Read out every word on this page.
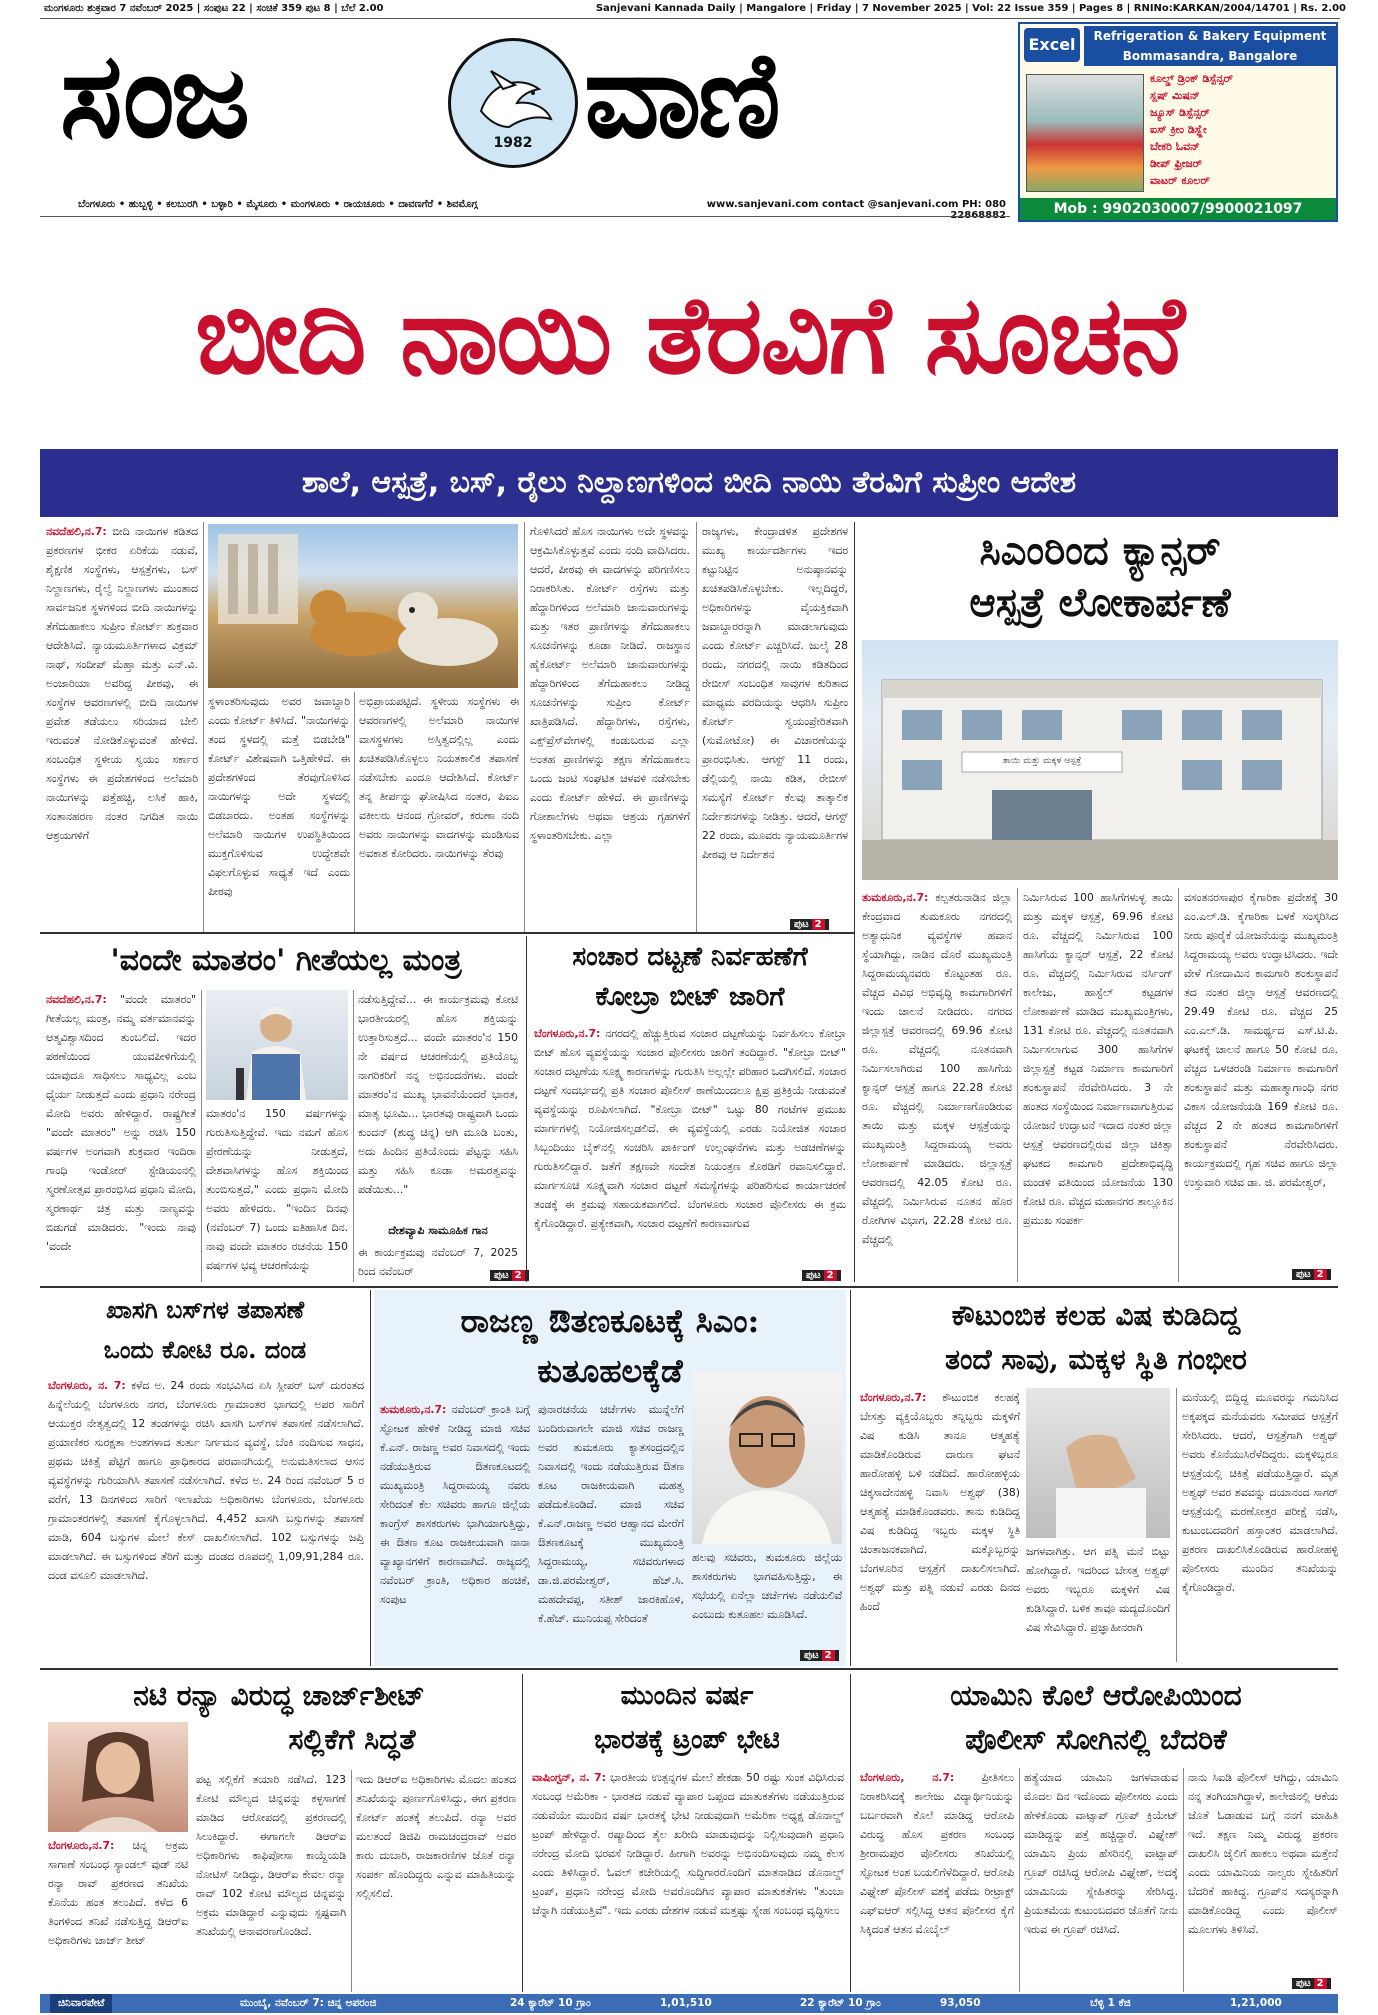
ಮಂಗಳೂರು ಶುಕ್ರವಾರ 7 ನವೆಂಬರ್ 2025 | ಸಂಪುಟ 22 | ಸಂಚಿಕೆ 359 ಪುಟ 8 | ಬೆಲೆ 2.00	Sanjevani Kannada Daily | Mangalore | Friday | 7 November 2025 | Vol: 22 Issue 359 | Pages 8 | RNINo:KARKAN/2004/14701 | Rs. 2.00
ಸಂಜ	1982 ವಾಣಿ
ಬೆಂಗಳೂರು • ಹುಬ್ಬಳ್ಳಿ • ಕಲಬುರಗಿ • ಬಳ್ಳಾರಿ • ಮೈಸೂರು • ಮಂಗಳೂರು • ರಾಯಚೂರು • ದಾವಣಗೆರೆ • ಶಿವಮೊಗ್ಗ	www.sanjevani.com contact @sanjevani.com PH: 080
Excel	Refrigeration & Bakery Equipment
Bommasandra, Bangalore
ಕೂಲ್ಡ್ ಡ್ರಿಂಕ್ ಡಿಸ್ಪೆನ್ಸರ್
ಸ್ಲಷ್ ಮಿಷನ್
ಜ್ಯೂಸ್ ಡಿಸ್ಪೆನ್ಸರ್
ಐಸ್ ಕ್ರೀಂ ಡಿಸ್ಪ್ಲೇ
ಬೇಕರಿ ಓವನ್
ಡೀಪ್ ಫ್ರೀಜರ್
ವಾಟರ್ ಕೂಲರ್
Mob : 9902030007/9900021097
ಬೀದಿ ನಾಯಿ ತೆರವಿಗೆ ಸೂಚನೆ
ಶಾಲೆ, ಆಸ್ಪತ್ರೆ, ಬಸ್, ರೈಲು ನಿಲ್ದಾಣಗಳಿಂದ ಬೀದಿ ನಾಯಿ ತೆರವಿಗೆ ಸುಪ್ರೀಂ ಆದೇಶ
ನವದೆಹಲಿ,ನ.7: ಬೀದಿ ನಾಯಿಗಳ ಕಡಿತದ ಪ್ರಕರಣಗಳ ಭೀಕರ ಏರಿಕೆಯ ನಡುವೆ, ಶೈಕ್ಷಣಿಕ ಸಂಸ್ಥೆಗಳು, ಆಸ್ಪತ್ರೆಗಳು, ಬಸ್ ನಿಲ್ದಾಣಗಳು, ರೈಲ್ವೆ ನಿಲ್ದಾಣಗಳು ಮುಂತಾದ ಸಾರ್ವಜನಿಕ ಸ್ಥಳಗಳಿಂದ ಬೀದಿ ನಾಯಿಗಳನ್ನು ತೆಗೆದುಹಾಕಲು ಸುಪ್ರೀಂ ಕೋರ್ಟ್ ಶುಕ್ರವಾರ ಆದೇಶಿಸಿದೆ. ನ್ಯಾಯಮೂರ್ತಿಗಳಾದ ವಿಕ್ರಮ್ ನಾಥ್, ಸಂದೀಪ್ ಮೆಹ್ತಾ ಮತ್ತು ಎನ್.ವಿ. ಅಂಜಾರಿಯಾ ಅವರಿದ್ದ ಪೀಠವು, ಈ ಸಂಸ್ಥೆಗಳ ಆವರಣಗಳಲ್ಲಿ ಬೀದಿ ನಾಯಿಗಳ ಪ್ರವೇಶ ತಡೆಯಲು ಸರಿಯಾದ ಬೇಲಿ ಇರುವಂತೆ ನೋಡಿಕೊಳ್ಳುವಂತೆ ಹೇಳಿದೆ. ಸಂಬಂಧಿತ ಸ್ಥಳೀಯ ಸ್ವಯಂ ಸರ್ಕಾರ ಸಂಸ್ಥೆಗಳು ಈ ಪ್ರದೇಶಗಳಿಂದ ಅಲೆಮಾರಿ ನಾಯಿಗಳನ್ನು ಪತ್ತೆಹಚ್ಚಿ, ಲಸಿಕೆ ಹಾಕಿ, ಸಂತಾನಹರಣ ನಂತರ ನಿಗದಿತ ನಾಯಿ ಆಶ್ರಯಗಳಿಗೆ
ಸ್ಥಳಾಂತರಿಸುವುದು ಅವರ ಜವಾಬ್ದಾರಿ ಎಂದು ಕೋರ್ಟ್ ತಿಳಿಸಿದೆ. "ನಾಯಿಗಳನ್ನು ತಂದ ಸ್ಥಳದಲ್ಲಿ ಮತ್ತೆ ಬಿಡಬೇಡಿ" ಕೋರ್ಟ್ ವಿಶೇಷವಾಗಿ ಒತ್ತಿಹೇಳಿದೆ. ಈ ಪ್ರದೇಶಗಳಿಂದ ತೆರವುಗೊಳಿಸಿದ ನಾಯಿಗಳನ್ನು ಅದೇ ಸ್ಥಳದಲ್ಲಿ ಬಿಡಬಾರದು. ಅಂತಹ ಸಂಸ್ಥೆಗಳನ್ನು ಅಲೆಮಾರಿ ನಾಯಿಗಳ ಉಪಸ್ಥಿತಿಯಿಂದ ಮುಕ್ತಗೊಳಿಸುವ ಉದ್ದೇಶವೇ ವಿಫಲಗೊಳ್ಳುವ ಸಾಧ್ಯತೆ ಇದೆ ಎಂದು ಪೀಠವು
ಅಭಿಪ್ರಾಯಪಟ್ಟಿದೆ. ಸ್ಥಳೀಯ ಸಂಸ್ಥೆಗಳು ಈ ಆವರಣಗಳಲ್ಲಿ ಅಲೆಮಾರಿ ನಾಯಿಗಳ ವಾಸಸ್ಥಳಗಳು ಅಸ್ತಿತ್ವದಲ್ಲಿಲ್ಲ ಎಂದು ಖಚಿತಪಡಿಸಿಕೊಳ್ಳಲು ನಿಯತಕಾಲಿಕ ತಪಾಸಣೆ ನಡೆಸಬೇಕು ಎಂದೂ ಆದೇಶಿಸಿದೆ. ಕೋರ್ಟ್ ತನ್ನ ತೀರ್ಪನ್ನು ಘೋಷಿಸಿದ ನಂತರ, ಪಿಐಎ ವಕೀಲರು ಆನಂದ ಗ್ರೋವರ್, ಕರುಣಾ ನಂದಿ ಅವರು ನಾಯಿಗಳನ್ನು ವಾದಗಳನ್ನು ಮಂಡಿಸುವ ಅವಕಾಶ ಕೋರಿದರು. ನಾಯಿಗಳನ್ನು ತೆರವು
ಗೊಳಿಸಿದರೆ ಹೊಸ ನಾಯಿಗಳು ಅದೇ ಸ್ಥಳವನ್ನು ಆಕ್ರಮಿಸಿಕೊಳ್ಳುತ್ತವೆ ಎಂದು ನಂದಿ ವಾದಿಸಿದರು. ಆದರೆ, ಪೀಠವು ಈ ವಾದಗಳನ್ನು ಪರಿಗಣಿಸಲು ನಿರಾಕರಿಸಿತು. ಕೋರ್ಟ್ ರಸ್ತೆಗಳು ಮತ್ತು ಹೆದ್ದಾರಿಗಳಿಂದ ಅಲೆಮಾರಿ ಜಾನುವಾರುಗಳನ್ನು ಮತ್ತು ಇತರ ಪ್ರಾಣಿಗಳನ್ನು ತೆಗೆದುಹಾಕಲು ಸೂಚನೆಗಳನ್ನು ಕೂಡಾ ನೀಡಿದೆ. ರಾಜಸ್ಥಾನ ಹೈಕೋರ್ಟ್ ಅಲೆಮಾರಿ ಜಾನುವಾರುಗಳನ್ನು ಹೆದ್ದಾರಿಗಳಿಂದ ತೆಗೆದುಹಾಕಲು ನೀಡಿದ್ದ ಸೂಚನೆಗಳನ್ನು ಸುಪ್ರೀಂ ಕೋರ್ಟ್ ಖಾತ್ರಿಪಡಿಸಿದೆ. ಹೆದ್ದಾರಿಗಳು, ರಸ್ತೆಗಳು, ಎಕ್ಸ್‌ಪ್ರೆಸ್‌ವೇಗಳಲ್ಲಿ ಕಂಡುಬರುವ ಎಲ್ಲಾ ಅಂತಹ ಪ್ರಾಣಿಗಳನ್ನು ತಕ್ಷಣ ತೆಗೆದುಹಾಕಲು ಒಂದು ಜಂಟಿ ಸಂಘಟಿತ ಚಳವಳಿ ನಡೆಸಬೇಕು ಎಂದು ಕೋರ್ಟ್ ಹೇಳಿದೆ. ಈ ಪ್ರಾಣಿಗಳನ್ನು ಗೋಶಾಲೆಗಳು ಅಥವಾ ಆಶ್ರಯ ಗೃಹಗಳಿಗೆ ಸ್ಥಳಾಂತರಿಸಬೇಕು. ಎಲ್ಲಾ
ರಾಜ್ಯಗಳು, ಕೇಂದ್ರಾಡಳಿತ ಪ್ರದೇಶಗಳ ಮುಖ್ಯ ಕಾರ್ಯದರ್ಶಿಗಳು ಇದರ ಕಟ್ಟುನಿಟ್ಟಿನ ಅನುಷ್ಠಾನವನ್ನು ಖಚಿತಪಡಿಸಿಕೊಳ್ಳಬೇಕು. ಇಲ್ಲದಿದ್ದರೆ, ಅಧಿಕಾರಿಗಳನ್ನು ವೈಯಕ್ತಿಕವಾಗಿ ಜವಾಬ್ದಾರರನ್ನಾಗಿ ಮಾಡಲಾಗುವುದು ಎಂದು ಕೋರ್ಟ್ ಎಚ್ಚರಿಸಿದೆ. ಜುಲೈ 28 ರಂದು, ನಗರದಲ್ಲಿ ನಾಯಿ ಕಡಿತದಿಂದ ರೇಬೀಸ್ ಸಂಬಂಧಿತ ಸಾವುಗಳ ಕುರಿತಾದ ಮಾಧ್ಯಮ ವರದಿಯನ್ನು ಆಧರಿಸಿ ಸುಪ್ರೀಂ ಕೋರ್ಟ್ ಸ್ವಯಂಪ್ರೇರಿತವಾಗಿ (ಸುಮೋಟೋ) ಈ ವಿಚಾರಣೆಯನ್ನು ಪ್ರಾರಂಭಿಸಿತು. ಆಗಸ್ಟ್ 11 ರಂದು, ಡೆಲ್ಲಿಯಲ್ಲಿ ನಾಯಿ ಕಡಿತ, ರೇಬೀಸ್ ಸಮಸ್ಯೆಗೆ ಕೋರ್ಟ್ ಕೆಲವು ತಾತ್ಕಾಲಿಕ ನಿರ್ದೇಶನಗಳನ್ನು ನೀಡಿತ್ತು. ಆದರೆ, ಆಗಸ್ಟ್ 22 ರಂದು, ಮೂವರು ನ್ಯಾಯಮೂರ್ತಿಗಳ ಪೀಠವು ಆ ನಿರ್ದೇಶನ
ಪುಟ 2
ಸಿಎಂರಿಂದ ಕ್ಯಾನ್ಸರ್
ಆಸ್ಪತ್ರೆ ಲೋಕಾರ್ಪಣೆ
ತಾಯಿ ಮತ್ತು ಮಕ್ಕಳ ಆಸ್ಪತ್ರೆ
ತುಮಕೂರು,ನ.7: ಕಲ್ಪತರುನಾಡಿನ ಜಿಲ್ಲಾ ಕೇಂದ್ರವಾದ ತುಮಕೂರು ನಗರದಲ್ಲಿ ಅತ್ಯಾಧುನಿಕ ವ್ಯವಸ್ಥೆಗಳ ಹವಾನ ಸ್ಥೆಯಾಗಿದ್ದು, ನಾಡಿನ ದೊರೆ ಮುಖ್ಯಮಂತ್ರಿ ಸಿದ್ದರಾಮಯ್ಯನವರು ಕೊಟ್ಟಂತಹ ರೂ. ವೆಚ್ಚದ ವಿವಿಧ ಅಭಿವೃದ್ಧಿ ಕಾಮಗಾರಿಗಳಿಗೆ ಇಂದು ಚಾಲನೆ ನೀಡಿದರು. ನಗರದ ಜಿಲ್ಲಾಸ್ಪತ್ರೆ ಆವರಣದಲ್ಲಿ 69.96 ಕೋಟಿ ರೂ. ವೆಚ್ಚದಲ್ಲಿ ನೂತನವಾಗಿ ನಿರ್ಮಿಸಲಾಗಿರುವ 100 ಹಾಸಿಗೆಯ ಕ್ಯಾನ್ಸರ್ ಆಸ್ಪತ್ರೆ ಹಾಗೂ 22.28 ಕೋಟಿ ರೂ. ವೆಚ್ಚದಲ್ಲಿ ನಿರ್ಮಾಣಗೊಂಡಿರುವ ತಾಯಿ ಮತ್ತು ಮಕ್ಕಳ ಆಸ್ಪತ್ರೆಯನ್ನು ಮುಖ್ಯಮಂತ್ರಿ ಸಿದ್ದರಾಮಯ್ಯ ಅವರು ಲೋಕಾರ್ಪಣೆ ಮಾಡಿದರು. ಜಿಲ್ಲಾಸ್ಪತ್ರೆ ಆವರಣದಲ್ಲಿ 42.05 ಕೋಟಿ ರೂ. ವೆಚ್ಚದಲ್ಲಿ ನಿರ್ಮಿಸಿರುವ ನೂತನ ಹೊರ ರೋಗಿಗಳ ವಿಭಾಗ, 22.28 ಕೋಟಿ ರೂ. ವೆಚ್ಚದಲ್ಲಿ
ನಿರ್ಮಿಸಿರುವ 100 ಹಾಸಿಗೆಗಳುಳ್ಳ ತಾಯಿ ಮತ್ತು ಮಕ್ಕಳ ಆಸ್ಪತ್ರೆ, 69.96 ಕೋಟಿ ರೂ. ವೆಚ್ಚದಲ್ಲಿ ನಿರ್ಮಿಸಿರುವ 100 ಹಾಸಿಗೆಯ ಕ್ಯಾನ್ಸರ್ ಆಸ್ಪತ್ರೆ, 22 ಕೋಟಿ ರೂ. ವೆಚ್ಚದಲ್ಲಿ ನಿರ್ಮಿಸಿರುವ ನರ್ಸಿಂಗ್ ಕಾಲೇಜು, ಹಾಸ್ಟೆಲ್ ಕಟ್ಟಡಗಳ ಲೋಕಾರ್ಪಣೆ ಮಾಡಿದ ಮುಖ್ಯಮಂತ್ರಿಗಳು, 131 ಕೋಟಿ ರೂ. ವೆಚ್ಚದಲ್ಲಿ ನೂತನವಾಗಿ ನಿರ್ಮಿಸಲಾಗುವ 300 ಹಾಸಿಗೆಗಳ ಜಿಲ್ಲಾಸ್ಪತ್ರೆ ಕಟ್ಟಡ ನಿರ್ಮಾಣ ಕಾಮಗಾರಿಗೆ ಶಂಕುಸ್ಥಾಪನೆ ನೆರವೇರಿಸಿದರು. 3 ನೇ ಹಂತದ ಸಂಸ್ಥೆಯಿಂದ ನಿರ್ಮಾಣವಾಗುತ್ತಿರುವ ಯೋಜನೆ ಉದ್ಘಾಟನೆ ಇದಾದ ನಂತರ ಜಿಲ್ಲಾ ಆಸ್ಪತ್ರೆ ಆವರಣದಲ್ಲಿರುವ ಜಿಲ್ಲಾ ಚಿಕಿತ್ಸಾ ಘಟಕದ ಕಾಮಗಾರಿ ಪ್ರದೇಶಾಭಿವೃದ್ಧಿ ಮಂಡಳಿ ವತಿಯಿಂದ ಯೋಜನೆಯ 130 ಕೋಟಿ ರೂ. ವೆಚ್ಚದ ಮಹಾನಗರ ತಾಲ್ಲೂಕಿನ ಪ್ರಮುಖ ಸಂಪರ್ಕ
ವಸಂತನರಸಾಪುರ ಕೈಗಾರಿಕಾ ಪ್ರದೇಶಕ್ಕೆ 30 ಎಂ.ಎಲ್.ಡಿ. ಕೈಗಾರಿಕಾ ಬಳಕೆ ಸಂಸ್ಕರಿಸಿದ ನೀರು ಪೂರೈಕೆ ಯೋಜನೆಯನ್ನು ಮುಖ್ಯಮಂತ್ರಿ ಸಿದ್ದರಾಮಯ್ಯ ಅವರು ಉದ್ಘಾಟಿಸಿದರು. ಇದೇ ವೇಳೆ ಗೋದಾಮಿನ ಕಾಮಗಾರಿ ಶಂಕುಸ್ಥಾಪನೆ ತದ ನಂತರ ಜಿಲ್ಲಾ ಆಸ್ಪತ್ರೆ ಆವರಣದಲ್ಲಿ 29.49 ಕೋಟಿ ರೂ. ವೆಚ್ಚದ 25 ಎಂ.ಎಲ್.ಡಿ. ಸಾಮರ್ಥ್ಯದ ಎಸ್.ಟಿ.ಪಿ. ಘಟಕಕ್ಕೆ ಚಾಲನೆ ಹಾಗೂ 50 ಕೋಟಿ ರೂ. ವೆಚ್ಚದ ಒಳಚರಂಡಿ ನಿರ್ಮಾಣ ಕಾಮಗಾರಿಗೆ ಶಂಕುಸ್ಥಾಪನೆ ಮತ್ತು ಮಹಾತ್ಮಾಗಾಂಧಿ ನಗರ ವಿಕಾಸ ಯೋಜನೆಯಡಿ 169 ಕೋಟಿ ರೂ. ವೆಚ್ಚದ 2 ನೇ ಹಂತದ ಕಾಮಗಾರಿಗಳಿಗೆ ಶಂಕುಸ್ಥಾಪನೆ ನೆರವೇರಿಸಿದರು. ಕಾರ್ಯಕ್ರಮದಲ್ಲಿ ಗೃಹ ಸಚಿವ ಹಾಗೂ ಜಿಲ್ಲಾ ಉಸ್ತುವಾರಿ ಸಚಿವ ಡಾ. ಜಿ. ಪರಮೇಶ್ವರ್,
ಪುಟ 2
'ವಂದೇ ಮಾತರಂ' ಗೀತೆಯಲ್ಲ ಮಂತ್ರ
ನವದೆಹಲಿ,ನ.7: "ವಂದೇ ಮಾತರಂ" ಗೀತೆಯಲ್ಲ ಮಂತ್ರ, ನಮ್ಮ ವರ್ತಮಾನವನ್ನು ಆತ್ಮವಿಶ್ವಾಸದಿಂದ ತುಂಬಲಿದೆ. ಇದರ ಪಠಣೆಯಿಂದ ಯುವಪೀಳಿಗೆಯಲ್ಲಿ ಯಾವುದೂ ಸಾಧಿಸಲು ಸಾಧ್ಯವಿಲ್ಲ ಎಂಬ ಧೈರ್ಯ ನೀಡುತ್ತದೆ ಎಂದು ಪ್ರಧಾನಿ ನರೇಂದ್ರ ಮೋದಿ ಅವರು ಹೇಳಿದ್ದಾರೆ. ರಾಷ್ಟ್ರಗೀತೆ "ವಂದೇ ಮಾತರಂ" ಅನ್ನು ರಚಿಸಿ 150 ವರ್ಷಗಳ ಅಂಗವಾಗಿ ಶುಕ್ರವಾರ ಇಂದಿರಾ ಗಾಂಧಿ ಇಂಡೋರ್ ಸ್ಟೇಡಿಯಂನಲ್ಲಿ ಸ್ಮರಣೋತ್ಸವ ಪ್ರಾರಂಭಿಸಿದ ಪ್ರಧಾನಿ ಮೋದಿ, ಸ್ಮರಣಾರ್ಥ ಚಿತ್ರ ಮತ್ತು ನಾಣ್ಯವನ್ನು ಬಿಡುಗಡೆ ಮಾಡಿದರು. "ಇಂದು ನಾವು 'ವಂದೇ
ಮಾತರಂ'ನ 150 ವರ್ಷಗಳನ್ನು ಗುರುತಿಸುತ್ತಿದ್ದೇವೆ. ಇದು ನಮಗೆ ಹೊಸ ಪ್ರೇರಣೆಯನ್ನು ನೀಡುತ್ತದೆ, ದೇಶವಾಸಿಗಳನ್ನು ಹೊಸ ಶಕ್ತಿಯಿಂದ ತುಂಬಿಸುತ್ತದೆ," ಎಂದು ಪ್ರಧಾನಿ ಮೋದಿ ಅವರು ಹೇಳಿದರು. "ಇಂದಿನ ದಿನವು (ನವೆಂಬರ್ 7) ಒಂದು ಐತಿಹಾಸಿಕ ದಿನ. ನಾವು ವಂದೇ ಮಾತರಂ ರಚನೆಯ 150 ವರ್ಷಗಳ ಭವ್ಯ ಆಚರಣೆಯನ್ನು
ನಡೆಸುತ್ತಿದ್ದೇವೆ... ಈ ಕಾರ್ಯಕ್ರಮವು ಕೋಟಿ ಭಾರತೀಯರಲ್ಲಿ ಹೊಸ ಶಕ್ತಿಯನ್ನು ಉತ್ತಾರಿಸುತ್ತದೆ... ವಂದೇ ಮಾತರಂ'ನ 150 ನೇ ವರ್ಷದ ಆಚರಣೆಯಲ್ಲಿ ಪ್ರತಿಯೊಬ್ಬ ನಾಗರಿಕರಿಗೆ ನನ್ನ ಅಭಿನಂದನೆಗಳು. ವಂದೇ ಮಾತರಂ'ನ ಮುಖ್ಯ ಭಾವನೆಯೆಂದರೆ ಭಾರತ, ಮಾತೃ ಭೂಮಿ... ಭಾರತವು ರಾಷ್ಟ್ರವಾಗಿ ಒಂದು ಕುಂದನ್ (ಶುದ್ಧ ಚಿನ್ನ) ಆಗಿ ಮೂಡಿ ಬಂತು, ಅದು ಹಿಂದಿನ ಪ್ರತಿಯೊಂದು ಪೆಟ್ಟನ್ನು ಸಹಿಸಿ ಮತ್ತು ಸಹಿಸಿ ಕೂಡಾ ಅಮರತ್ವವನ್ನು ಪಡೆಯಿತು..."
ದೇಶವ್ಯಾಪಿ ಸಾಮೂಹಿಕ ಗಾನ
ಈ ಕಾರ್ಯಕ್ರಮವು ನವೆಂಬರ್ 7, 2025 ರಿಂದ ನವೆಂಬರ್	ಪುಟ 2
ಸಂಚಾರ ದಟ್ಟಣೆ ನಿರ್ವಹಣೆಗೆ
ಕೋಬ್ರಾ ಬೀಟ್ ಜಾರಿಗೆ
ಬೆಂಗಳೂರು,ನ.7: ನಗರದಲ್ಲಿ ಹೆಚ್ಚುತ್ತಿರುವ ಸಂಚಾರ ದಟ್ಟಣೆಯನ್ನು ನಿರ್ವಹಿಸಲು ಕೋಬ್ರಾ ಬೀಟ್ ಹೊಸ ವ್ಯವಸ್ಥೆಯನ್ನು ಸಂಚಾರ ಪೊಲೀಸರು ಜಾರಿಗೆ ತಂದಿದ್ದಾರೆ. "ಕೋಬ್ರಾ ಬೀಟ್" ಸಂಚಾರ ದಟ್ಟಣೆಯ ಸೂಕ್ಷ್ಮ ಕಾರಣಗಳನ್ನು ಗುರುತಿಸಿ ಅಲ್ಲಲ್ಲೇ ಪರಿಹಾರ ಒದಗಿಸಲಿದೆ. ಸಂಚಾರ ದಟ್ಟಣೆ ಸಂದರ್ಭದಲ್ಲಿ ಪ್ರತಿ ಸಂಚಾರ ಪೊಲೀಸ್ ಠಾಣೆಯಿಂದಲೂ ಕ್ಷಿಪ್ರ ಪ್ರತಿಕ್ರಿಯೆ ನೀಡುವಂತೆ ವ್ಯವಸ್ಥೆಯನ್ನು ರೂಪಿಸಲಾಗಿದೆ. "ಕೋಬ್ರಾ ಬೀಟ್" ಒಟ್ಟು 80 ಗಂಟೆಗಳ ಪ್ರಮುಖ ಮಾರ್ಗಗಳಲ್ಲಿ ನಿಯೋಜಿಸಲ್ಪಡಲಿದೆ. ಈ ವ್ಯವಸ್ಥೆಯಲ್ಲಿ ಎರಡು ನಿಯೋಜಿತ ಸಂಚಾರ ಸಿಬ್ಬಂದಿಯು ಬೈಕ್‌ನಲ್ಲಿ ಸಂಚರಿಸಿ ಪಾರ್ಕಿಂಗ್ ಉಲ್ಲಂಘನೆಗಳು ಮತ್ತು ಅಡಚಣೆಗಳನ್ನು ಗುರುತಿಸಲಿದ್ದಾರೆ. ಜತೆಗೆ ತಕ್ಷಣವೇ ಸಂದೇಶ ನಿಯಂತ್ರಣ ಕೊಠಡಿಗೆ ರವಾನಿಸಲಿದ್ದಾರೆ. ಮಾರ್ಗಸೂಚಿ ಸೂಕ್ಷ್ಮವಾಗಿ ಸಂಚಾರ ದಟ್ಟಣೆ ಸಮಸ್ಯೆಗಳನ್ನು ಪರಿಹರಿಸುವ ಕಾರ್ಯಾಚರಣೆ ತಂಡಕ್ಕೆ ಈ ಕ್ರಮವು ಸಹಾಯಕವಾಗಲಿದೆ. ಬೆಂಗಳೂರು ಸಂಚಾರ ಪೊಲೀಸರು ಈ ಕ್ರಮ ಕೈಗೊಂಡಿದ್ದಾರೆ. ಪ್ರತ್ಯೇಕವಾಗಿ, ಸಂಚಾರ ದಟ್ಟಣೆಗೆ ಕಾರಣವಾಗುವ
ಪುಟ 2
ಖಾಸಗಿ ಬಸ್‌ಗಳ ತಪಾಸಣೆ
ಒಂದು ಕೋಟಿ ರೂ. ದಂಡ
ಬೆಂಗಳೂರು, ನ. 7: ಕಳೆದ ಅ. 24 ರಂದು ಸಂಭವಿಸಿದ ಏಸಿ ಸ್ಲೀಪರ್ ಬಸ್ ದುರಂತದ ಹಿನ್ನೆಲೆಯಲ್ಲಿ ಬೆಂಗಳೂರು ನಗರ, ಬೆಂಗಳೂರು ಗ್ರಾಮಾಂತರ ಭಾಗದಲ್ಲಿ ಅಪರ ಸಾರಿಗೆ ಆಯುಕ್ತರ ನೇತೃತ್ವದಲ್ಲಿ 12 ತಂಡಗಳನ್ನು ರಚಿಸಿ ಖಾಸಗಿ ಬಸ್‌ಗಳ ತಪಾಸಣೆ ನಡೆಸಲಾಗಿದೆ. ಪ್ರಯಾಣಿಕರ ಸುರಕ್ಷತಾ ಅಂಶಗಳಾದ ತುರ್ತು ನಿರ್ಗಮನ ವ್ಯವಸ್ಥೆ, ಬೆಂಕಿ ನಂದಿಸುವ ಸಾಧನ, ಪ್ರಥಮ ಚಿಕಿತ್ಸೆ ಪೆಟ್ಟಿಗೆ ಹಾಗೂ ಪ್ರಾಧಿಕಾರದ ಪರವಾನಗಿಯಲ್ಲಿ ಅನುಮತಿಸಲಾದ ಆಸನ ವ್ಯವಸ್ಥೆಗಳನ್ನು ಗುರಿಯಾಗಿಸಿ ತಪಾಸಣೆ ನಡೆಸಲಾಗಿದೆ. ಕಳೆದ ಅ. 24 ರಿಂದ ನವೆಂಬರ್ 5 ರ ವರೆಗೆ, 13 ದಿನಗಳಿಂದ ಸಾರಿಗೆ ಇಲಾಖೆಯ ಅಧಿಕಾರಿಗಳು ಬೆಂಗಳೂರು, ಬೆಂಗಳೂರು ಗ್ರಾಮಾಂತರಗಳಲ್ಲಿ ತಪಾಸಣೆ ಕೈಗೊಳ್ಳಲಾಗಿದೆ. 4,452 ಖಾಸಗಿ ಬಸ್ಸುಗಳನ್ನು ತಪಾಸಣೆ ಮಾಡಿ, 604 ಬಸ್ಸುಗಳ ಮೇಲೆ ಕೇಸ್ ದಾಖಲಿಸಲಾಗಿದೆ. 102 ಬಸ್ಸುಗಳನ್ನು ಜಪ್ತಿ ಮಾಡಲಾಗಿದೆ. ಈ ಬಸ್ಸುಗಳಿಂದ ತೆರಿಗೆ ಮತ್ತು ದಂಡದ ರೂಪದಲ್ಲಿ 1,09,91,284 ರೂ. ದಂಡ ವಸೂಲಿ ಮಾಡಲಾಗಿದೆ.
ರಾಜಣ್ಣ ಔತಣಕೂಟಕ್ಕೆ ಸಿಎಂ:
ಕುತೂಹಲಕ್ಕೆಡೆ
ತುಮಕೂರು,ನ.7: ನವೆಂಬರ್ ಕ್ರಾಂತಿ ಬಗ್ಗೆ ಸ್ಫೋಟಕ ಹೇಳಿಕೆ ನೀಡಿದ್ದ ಮಾಜಿ ಸಚಿವ ಕೆ.ಎನ್. ರಾಜಣ್ಣ ಅವರ ನಿವಾಸದಲ್ಲಿ ಇಂದು ನಡೆಯುತ್ತಿರುವ ಔತಣಕೂಟದಲ್ಲಿ ಮುಖ್ಯಮಂತ್ರಿ ಸಿದ್ದರಾಮಯ್ಯ ನವರು ಸೇರಿದಂತೆ ಕೆಲ ಸಚಿವರು ಹಾಗೂ ಜಿಲ್ಲೆಯ ಕಾಂಗ್ರೆಸ್ ಶಾಸಕರುಗಳು ಭಾಗಿಯಾಗುತ್ತಿದ್ದು, ಈ ಔತಣ ಕೂಟ ರಾಜಕೀಯವಾಗಿ ನಾನಾ ವ್ಯಾಖ್ಯಾನಗಳಿಗೆ ಕಾರಣವಾಗಿದೆ. ರಾಜ್ಯದಲ್ಲಿ ನವೆಂಬರ್ ಕ್ರಾಂತಿ, ಅಧಿಕಾರ ಹಂಚಿಕೆ, ಸಂಪುಟ
ಪುನಾರಚನೆಯ ಚರ್ಚೆಗಳು ಮುನ್ನೆಲೆಗೆ ಬಂದಿರುವಾಗಲೇ ಮಾಜಿ ಸಚಿವ ರಾಜಣ್ಣ ಅವರ ತುಮಕೂರು ಕ್ಯಾತಸಂದ್ರದಲ್ಲಿನ ನಿವಾಸದಲ್ಲಿ ಇಂದು ನಡೆಯುತ್ತಿರುವ ಔತಣ ಕೂಟ ರಾಜಕೀಯವಾಗಿ ಮಹತ್ವ ಪಡೆದುಕೊಂಡಿದೆ. ಮಾಜಿ ಸಚಿವ ಕೆ.ಎನ್.ರಾಜಣ್ಣ ಅವರ ಆಹ್ವಾನದ ಮೇರೆಗೆ ಔತಣಕೂಟಕ್ಕೆ ಮುಖ್ಯಮಂತ್ರಿ ಸಿದ್ದರಾಮಯ್ಯ, ಸಚಿವರುಗಳಾದ ಡಾ.ಜಿ.ಪರಮೇಶ್ವರ್, ಹೆಚ್.ಸಿ. ಮಹದೇವಪ್ಪ, ಸತೀಶ್ ಜಾರಕಿಹೊಳಿ, ಕೆ.ಹೆಚ್. ಮುನಿಯಪ್ಪ ಸೇರಿದಂತೆ
ಹಲವು ಸಚಿವರು, ತುಮಕೂರು ಜಿಲ್ಲೆಯ ಶಾಸಕರುಗಳು ಭಾಗವಹಿಸುತ್ತಿದ್ದು, ಈ ಸಭೆಯಲ್ಲಿ ಏನೆಲ್ಲಾ ಚರ್ಚೆಗಳು ನಡೆಯಲಿವೆ ಎಂಬುದು ಕುತೂಹಲ ಮೂಡಿಸಿದೆ.
ಪುಟ 2
ಕೌಟುಂಬಿಕ ಕಲಹ ವಿಷ ಕುಡಿದಿದ್ದ
ತಂದೆ ಸಾವು, ಮಕ್ಕಳ ಸ್ಥಿತಿ ಗಂಭೀರ
ಬೆಂಗಳೂರು,ನ.7: ಕೌಟುಂಬಿಕ ಕಲಹಕ್ಕೆ ಬೇಸತ್ತು ವ್ಯಕ್ತಿಯೊಬ್ಬರು ತನ್ನಿಬ್ಬರು ಮಕ್ಕಳಿಗೆ ವಿಷ ಕುಡಿಸಿ ತಾನೂ ಆತ್ಮಹತ್ಯೆ ಮಾಡಿಕೊಂಡಿರುವ ದಾರುಣ ಘಟನೆ ಹಾರೋಹಳ್ಳಿ ಬಳಿ ನಡೆದಿದೆ. ಹಾರೋಹಳ್ಳಿಯ ಚಿಕ್ಕಸಾದೇನಹಳ್ಳಿ ನಿವಾಸಿ ಅಶ್ವಥ್ (38) ಆತ್ಮಹತ್ಯೆ ಮಾಡಿಕೊಂಡವರು. ತಾನು ಕುಡಿದಿದ್ದ ವಿಷ ಕುಡಿದಿದ್ದ ಇಬ್ಬರು ಮಕ್ಕಳ ಸ್ಥಿತಿ ಚಿಂತಾಜನಕವಾಗಿದೆ. ಮಕ್ಕೊಬ್ಬರನ್ನು ಬೆಂಗಳೂರಿನ ಆಸ್ಪತ್ರೆಗೆ ದಾಖಲಿಸಲಾಗಿದೆ. ಅಶ್ವಥ್ ಮತ್ತು ಪತ್ನಿ ನಡುವೆ ಎರಡು ದಿನದ ಹಿಂದೆ
ಜಗಳವಾಗಿತ್ತು. ಆಗ ಪತ್ನಿ ಮನೆ ಬಿಟ್ಟು ಹೋಗಿದ್ದಾರೆ. ಇದರಿಂದ ಬೇಸತ್ತ ಅಶ್ವಥ್ ಅವರು ಇಬ್ಬರೂ ಮಕ್ಕಳಿಗೆ ವಿಷ ಕುಡಿಸಿದ್ದಾರೆ. ಬಳಿಕ ತಾವೂ ಮದ್ಯದೊಂದಿಗೆ ವಿಷ ಸೇವಿಸಿದ್ದಾರೆ. ಪ್ರಜ್ಞಾಹೀನರಾಗಿ
ಮನೆಯಲ್ಲಿ ಬಿದ್ದಿದ್ದ ಮೂವರನ್ನು ಗಮನಿಸಿದ ಅಕ್ಕಪಕ್ಕದ ಮನೆಯವರು ಸಮೀಪದ ಆಸ್ಪತ್ರೆಗೆ ಸೇರಿಸಿದರು. ಆದರೆ, ಆಸ್ಪತ್ರೆಗಾಗಿ ಅಶ್ವಥ್ ಅವರು ಕೊನೆಯುಸಿರೆಳೆದಿದ್ದರು. ಮಕ್ಕಳಿಬ್ಬರೂ ಆಸ್ಪತ್ರೆಯಲ್ಲಿ ಚಿಕಿತ್ಸೆ ಪಡೆಯುತ್ತಿದ್ದಾರೆ. ಮೃತ ಅಶ್ವಥ್ ಅವರ ಶವವನ್ನು ದಯಾನಂದ ಸಾಗರ್ ಆಸ್ಪತ್ರೆಯಲ್ಲಿ ಮರಣೋತ್ತರ ಪರೀಕ್ಷೆ ನಡೆಸಿ, ಕುಟುಂಬದವರಿಗೆ ಹಸ್ತಾಂತರ ಮಾಡಲಾಗಿದೆ. ಪ್ರಕರಣ ದಾಖಲಿಸಿಕೊಂಡಿರುವ ಹಾರೋಹಳ್ಳಿ ಪೊಲೀಸರು ಮುಂದಿನ ತನಿಖೆಯನ್ನು ಕೈಗೊಂಡಿದ್ದಾರೆ.
ನಟಿ ರನ್ಯಾ ವಿರುದ್ಧ ಚಾರ್ಜ್‌ಶೀಟ್
ಸಲ್ಲಿಕೆಗೆ ಸಿದ್ಧತೆ
ಬೆಂಗಳೂರು,ನ.7: ಚಿನ್ನ ಅಕ್ರಮ ಸಾಗಾಣೆ ಸಂಬಂಧ ಸ್ಯಾಂಡಲ್ ವುಡ್ ನಟಿ ರನ್ಯಾ ರಾವ್ ಪ್ರಕರಣದ ತನಿಖೆಯ ಕೊನೆಯ ಹಂತ ತಲುಪಿದೆ. ಕಳೆದ 6 ತಿಂಗಳಿಂದ ತನಿಖೆ ನಡೆಸುತ್ತಿದ್ದ ಡಿಆರ್‌ಐ ಅಧಿಕಾರಿಗಳು ಚಾರ್ಜ್ ಶೀಟ್
ಪಟ್ಟ ಸಲ್ಲಿಕೆಗೆ ತಯಾರಿ ನಡೆಸಿದೆ. 123 ಕೋಟಿ ಮೌಲ್ಯದ ಚಿನ್ನವನ್ನು ಕಳ್ಳಸಾಗಣೆ ಮಾಡಿದ ಆರೋಪದಲ್ಲಿ ಪ್ರಕರಣದಲ್ಲಿ ಸಿಲುಕಿದ್ದಾರೆ. ಈಗಾಗಲೇ ಡಿಆರ್‌ಐ ಅಧಿಕಾರಿಗಳು ಕಾಫಿಪೋಸಾ ಕಾಯ್ದೆಯಡಿ ನೋಟಿಸ್ ನೀಡಿದ್ದು, ಡಿಆರ್‌ಐ ಕೇವಲ ರನ್ಯಾ ರಾವ್ 102 ಕೋಟಿ ಮೌಲ್ಯದ ಚಿನ್ನವನ್ನು ಅಕ್ರಮ ಮಾಡಿದ್ದಾರೆ ಎನ್ನುವುದು ಸ್ಪಷ್ಟವಾಗಿ ತನಿಖೆಯಲ್ಲಿ ಆನಾವರಣಗೊಂಡಿದೆ.
ಇದು ಡಿಆರ್‌ಐ ಅಧಿಕಾರಿಗಳು ಮೊದಲ ಹಂತದ ತನಿಖೆಯನ್ನು ಪೂರ್ಣಗೊಳಿಸಿದ್ದು, ಈಗ ಪ್ರಕರಣ ಕೋರ್ಟ್ ಹಂತಕ್ಕೆ ತಲುಪಿದೆ. ರನ್ಯಾ ಅವರ ಮಲತಂದೆ ಡಿಜಿಪಿ ರಾಮಚಂದ್ರರಾವ್ ಅವರ ಕಾರು ದುಬಾರಿ, ರಾಜಕಾರಣಿಗಳ ಜೊತೆ ರನ್ಯಾ ಸಂಪರ್ಕ ಹೊಂದಿದ್ದರು ಎನ್ನುವ ಮಾಹಿತಿಯನ್ನು ಸಲ್ಲಿಸಲಿದೆ.
ಮುಂದಿನ ವರ್ಷ
ಭಾರತಕ್ಕೆ ಟ್ರಂಪ್ ಭೇಟಿ
ವಾಷಿಂಗ್ಟನ್, ನ. 7: ಭಾರತೀಯ ಉತ್ಪನ್ನಗಳ ಮೇಲೆ ಶೇಕಡಾ 50 ರಷ್ಟು ಸುಂಕ ವಿಧಿಸಿರುವ ಸಂಬಂಧ ಅಮೆರಿಕಾ - ಭಾರತದ ನಡುವೆ ವ್ಯಾಪಾರ ಒಪ್ಪಂದ ಮಾತುಕತೆಗಳು ನಡೆಯುತ್ತಿರುವ ನಡುವೆಯೇ ಮುಂದಿನ ವರ್ಷ ಭಾರತಕ್ಕೆ ಭೇಟಿ ನೀಡುವುದಾಗಿ ಅಮೆರಿಕಾ ಅಧ್ಯಕ್ಷ ಡೊನಾಲ್ಡ್ ಟ್ರಂಪ್ ಹೇಳಿದ್ದಾರೆ. ರಷ್ಯಾದಿಂದ ತೈಲ ಖರೀದಿ ಮಾಡುವುದನ್ನು ನಿಲ್ಲಿಸುವುದಾಗಿ ಪ್ರಧಾನಿ ನರೇಂದ್ರ ಮೋದಿ ಭರವಸೆ ನೀಡಿದ್ದಾರೆ. ಹೀಗಾಗಿ ಅವರನ್ನು ಅಭಿನಂದಿಸುವುದು ನಮ್ಮ ಕೆಲಸ ಎಂದು ತಿಳಿಸಿದ್ದಾರೆ. ಓವಲ್ ಕಚೇರಿಯಲ್ಲಿ ಸುದ್ದಿಗಾರರೊಂದಿಗೆ ಮಾತನಾಡಿದ ಡೊನಾಲ್ಡ್ ಟ್ರಂಪ್, ಪ್ರಧಾನಿ ನರೇಂದ್ರ ಮೋದಿ ಅವರೊಂದಿಗಿನ ವ್ಯಾಪಾರ ಮಾತುಕತೆಗಳು "ತುಂಬಾ ಚೆನ್ನಾಗಿ ನಡೆಯುತ್ತಿವೆ". ಇದು ಎರಡು ದೇಶಗಳ ನಡುವೆ ಮತ್ತಷ್ಟು ಸ್ನೇಹ ಸಂಬಂಧ ವೃದ್ಧಿಸಲು
ಯಾಮಿನಿ ಕೊಲೆ ಆರೋಪಿಯಿಂದ
ಪೊಲೀಸ್ ಸೋಗಿನಲ್ಲಿ ಬೆದರಿಕೆ
ಬೆಂಗಳೂರು, ನ.7:	ಪ್ರೀತಿಸಲು ನಿರಾಕರಿಸಿದಕ್ಕೆ ಕಾಲೇಜು ವಿದ್ಯಾರ್ಥಿನಿಯನ್ನು ಬರ್ಬರವಾಗಿ ಕೊಲೆ ಮಾಡಿದ್ದ ಆರೋಪಿ ವಿರುದ್ಧ ಹೊಸ ಪ್ರಕರಣ ಸಂಬಂಧ ಶ್ರೀರಾಮಪುರ ಪೊಲೀಸರು ತನಿಖೆಯಲ್ಲಿ ಸ್ಫೋಟಕ ಅಂಶ ಬಯಲಿಗೆಳೆದಿದ್ದಾರೆ. ಆರೋಪಿ ವಿಘ್ನೇಶ್ ಪೊಲೀಸ್ ವಶಕ್ಕೆ ಪಡೆದು ರೀಟ್ರಾಕ್ಟ್ ಎಫ್‌ಐಆರ್ ಸಲ್ಲಿಸಿದ್ದ ಆತನ ಪೊಲೀಸರ ಕೈಗೆ ಸಿಕ್ಕಿದಂತೆ ಆತನ ಮೊಬೈಲ್
ಹತ್ಯೆಯಾದ ಯಾಮಿನಿ ಜಗಳವಾಡುವ ಮೊದಲ ದಿನ ಇದೊಂದು ಪೊಲೀಸರು ಎಂದು ಹೇಳಿಕೊಂಡು ವಾಟ್ಸಾಪ್ ಗ್ರೂಪ್ ಕ್ರಿಯೇಟ್ ಮಾಡಿದ್ದನ್ನು ಪತ್ತೆ ಹಚ್ಚಿದ್ದಾರೆ. ವಿಘ್ನೇಶ್ ಯಾಮಿನಿ ಪ್ರಿಯ ಹೆಸರಿನಲ್ಲಿ ವಾಟ್ಸಾಪ್ ಗ್ರೂಪ್ ರಚಿಸಿದ್ದ ಆರೋಪಿ ವಿಘ್ನೇಶ್, ಅದಕ್ಕೆ ಯಾಮಿನಿಯ ಸ್ನೇಹಿತರನ್ನು ಸೇರಿಸಿದ್ದ. ಪ್ರಿಯತಮೆಯ ಕುಟುಂಬದವರ ಜೊತೆಗೆ ನೀನು ಇರುವ ಈ ಗ್ರೂಪ್ ರಚಿಸಿದೆ.
ನಾನು ಸಿಐಡಿ ಪೊಲೀಸ್ ಆಗಿದ್ದು, ಯಾಮಿನಿ ನನ್ನ ತಂಗಿಯಾಗಿದ್ದಾಳೆ, ಕಾಲೇಜಿನಲ್ಲಿ ಆಕೆಯ ಜೊತೆ ಓಡಾಡುವ ಬಗ್ಗೆ ನನಗೆ ಮಾಹಿತಿ ಇದೆ. ತಕ್ಷಣ ನಿಮ್ಮ ವಿರುದ್ಧ ಪ್ರಕರಣ ದಾಖಲಿಸಿ ಜೈಲಿಗೆ ಹಾಕಲು ಅಥವಾ ಮತ್ತೇನೆ ಎಂದು ಯಾಮಿನಿಯ ನಾಲ್ವರು ಸ್ನೇಹಿತರಿಗೆ ಬೆದರಿಕೆ ಹಾಕಿದ್ದ. ಗ್ರೂಪ್‌ನ ಸದಸ್ಯರನ್ನಾಗಿ ಮಾಡಿಕೊಂಡಿದ್ದ ಎಂದು ಪೊಲೀಸ್ ಮೂಲಗಳು ತಿಳಿಸಿವೆ.
ಪುಟ 2
ಚಿನಿವಾರಪೇಟೆ	ಮುಂಬೈ, ನವೆಂಬರ್ 7: ಚಿನ್ನ ಅಪರಂಜಿ	24 ಕ್ಯಾರೆಟ್ 10 ಗ್ರಾಂ	1,01,510	22 ಕ್ಯಾರೆಟ್ 10 ಗ್ರಾಂ	93,050	ಬೆಳ್ಳಿ 1 ಕೆಜಿ	1,21,000
